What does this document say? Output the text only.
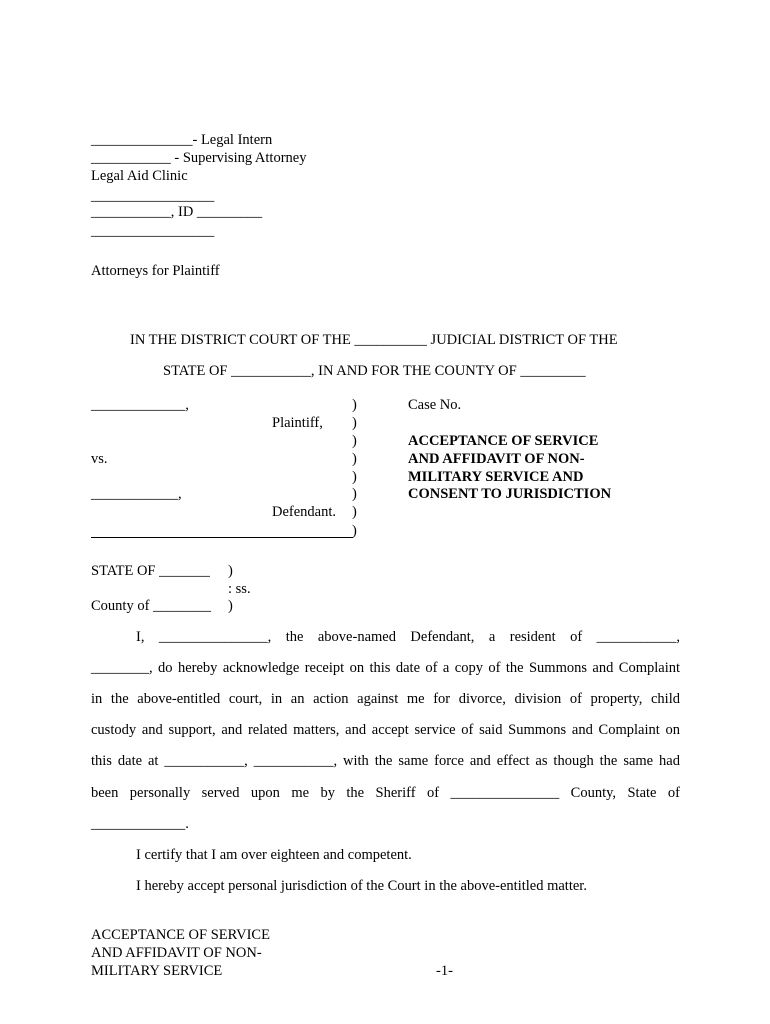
______________- Legal Intern
___________ - Supervising Attorney
Legal Aid Clinic
_________________
___________, ID _________
_________________
Attorneys for Plaintiff
IN THE DISTRICT COURT OF THE __________ JUDICIAL DISTRICT OF THE
STATE OF ___________, IN AND FOR THE COUNTY OF _________
_____________,
Plaintiff,
vs.
____________,
Defendant.
)
)
)
)
)
)
)
)
Case No.
ACCEPTANCE OF SERVICE
AND AFFIDAVIT OF NON-
MILITARY SERVICE AND
CONSENT TO JURISDICTION
STATE OF _______ )
: ss.
County of ________ )
I, _______________, the above-named Defendant, a resident of ___________,
________, do hereby acknowledge receipt on this date of a copy of the Summons and Complaint
in the above-entitled court, in an action against me for divorce, division of property, child
custody and support, and related matters, and accept service of said Summons and Complaint on
this date at ___________, ___________, with the same force and effect as though the same had
been personally served upon me by the Sheriff of _______________ County, State of
_____________.
I certify that I am over eighteen and competent.
I hereby accept personal jurisdiction of the Court in the above-entitled matter.
ACCEPTANCE OF SERVICE
AND AFFIDAVIT OF NON-
MILITARY SERVICE	-1-
